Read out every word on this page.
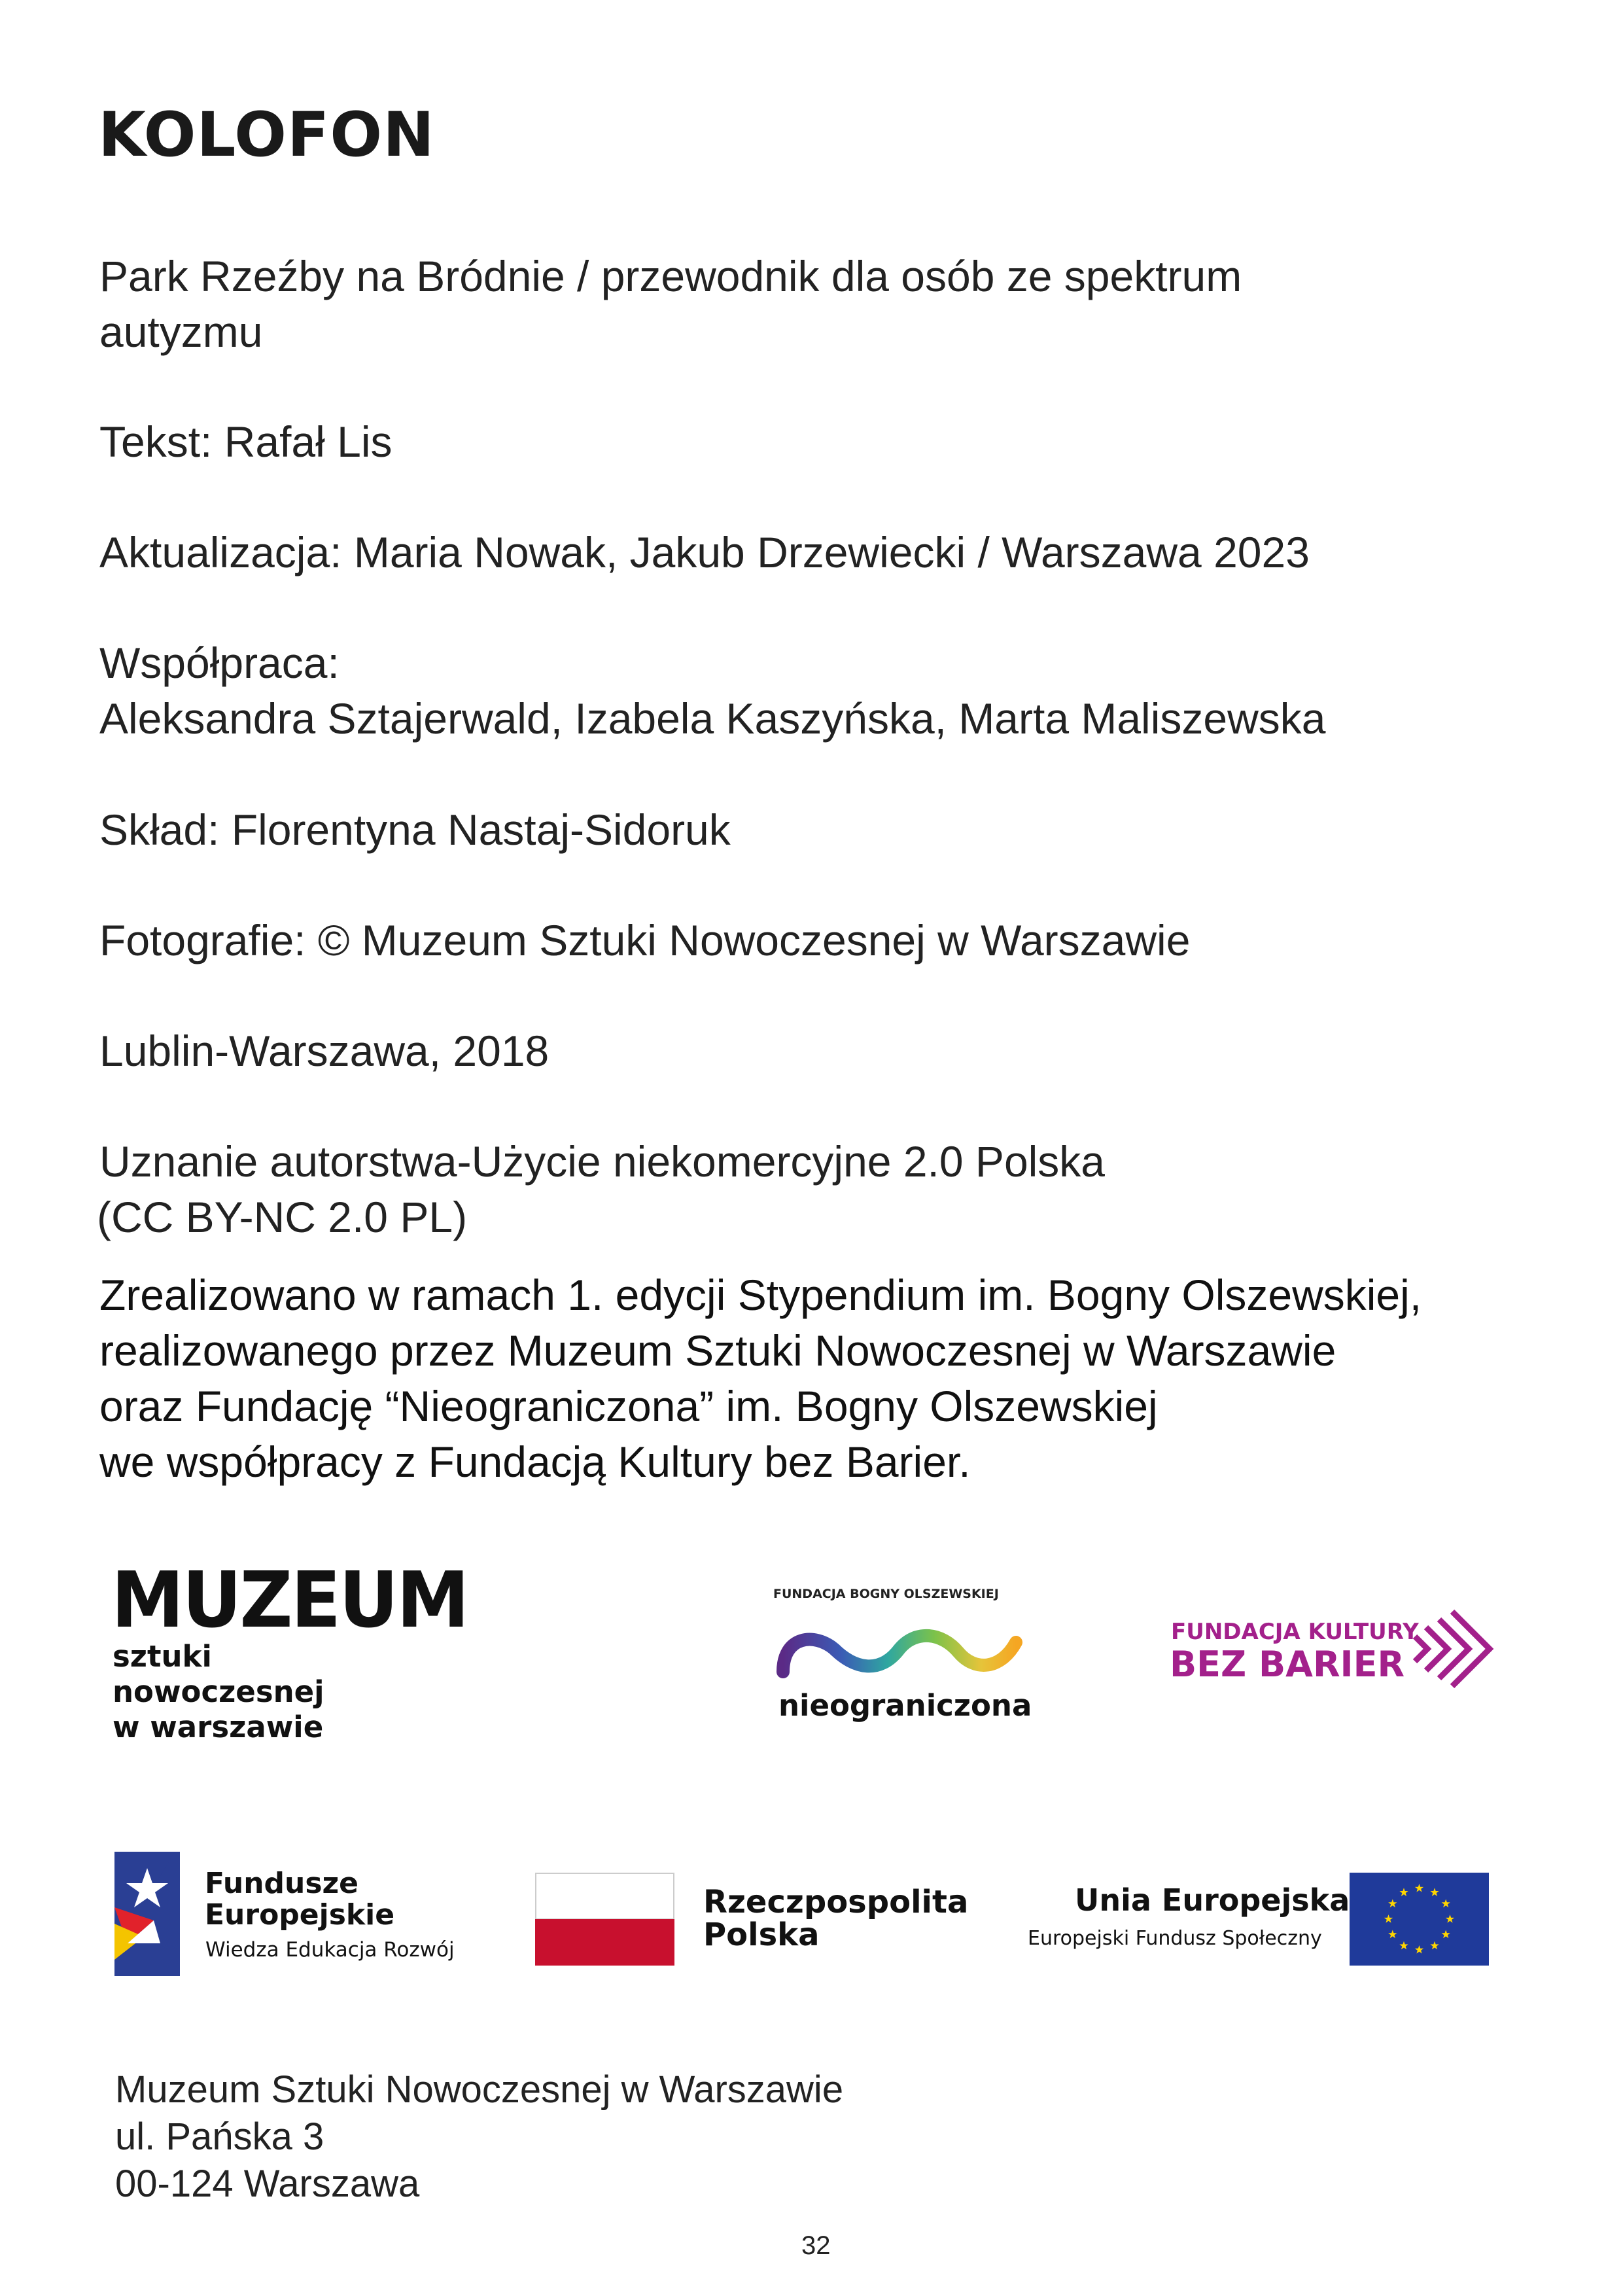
KOLOFON

Park Rzeźby na Bródnie / przewodnik dla osób ze spektrum
autyzmu

Tekst: Rafał Lis

Aktualizacja: Maria Nowak, Jakub Drzewiecki / Warszawa 2023

Współpraca:
Aleksandra Sztajerwald, Izabela Kaszyńska, Marta Maliszewska

Skład: Florentyna Nastaj-Sidoruk

Fotografie: © Muzeum Sztuki Nowoczesnej w Warszawie

Lublin-Warszawa, 2018

Uznanie autorstwa-Użycie niekomercyjne 2.0 Polska
(CC BY-NC 2.0 PL)

Zrealizowano w ramach 1. edycji Stypendium im. Bogny Olszewskiej,
realizowanego przez Muzeum Sztuki Nowoczesnej w Warszawie
oraz Fundację “Nieograniczona” im. Bogny Olszewskiej
we współpracy z Fundacją Kultury bez Barier.

MUZEUM
sztuki
nowoczesnej
w warszawie
FUNDACJA BOGNY OLSZEWSKIEJ
nieograniczona
FUNDACJA KULTURY
BEZ BARIER
Fundusze
Europejskie
Wiedza Edukacja Rozwój
Rzeczpospolita
Polska
Unia Europejska
Europejski Fundusz Społeczny
Muzeum Sztuki Nowoczesnej w Warszawie
ul. Pańska 3
00-124 Warszawa
32
